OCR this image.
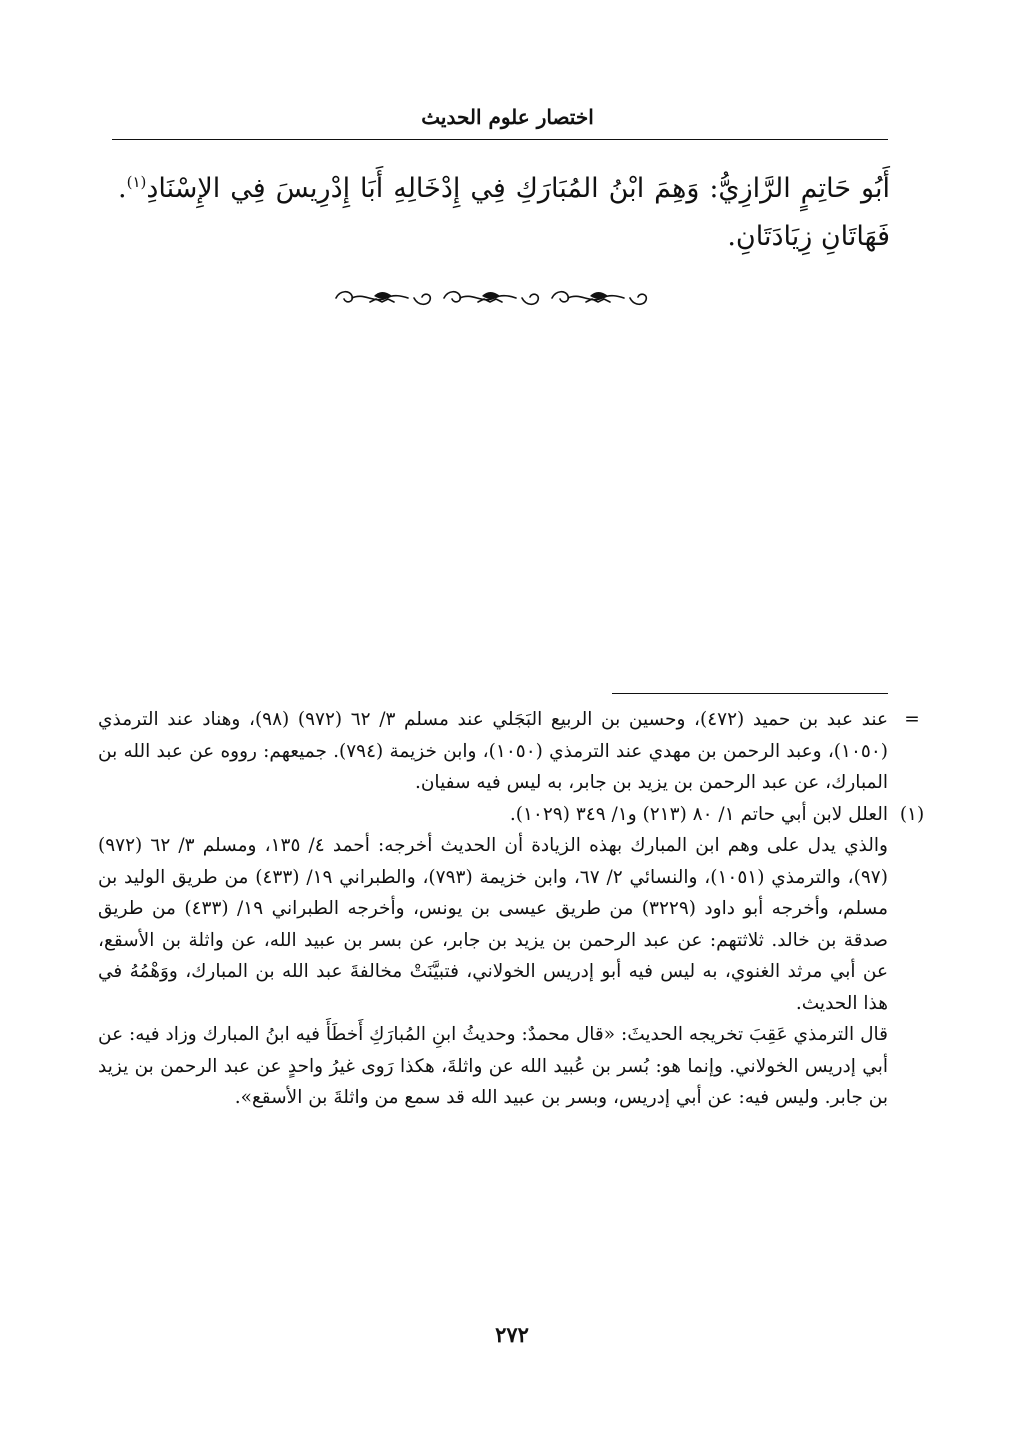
اختصار علوم الحديث
أَبُو حَاتِمٍ الرَّازِيُّ: وَهِمَ ابْنُ المُبَارَكِ فِي إِدْخَالِهِ أَبَا إِدْرِيسَ فِي الإِسْنَادِ$^{(١)}$. فَهَاتَانِ زِيَادَتَانِ.

=
عند عبد بن حميد (٤٧٢)، وحسين بن الربيع البَجَلي عند مسلم ٣/ ٦٢ (٩٧٢) (٩٨)، وهناد عند الترمذي (١٠٥٠)، وعبد الرحمن بن مهدي عند الترمذي (١٠٥٠)، وابن خزيمة (٧٩٤). جميعهم: رووه عن عبد الله بن المبارك، عن عبد الرحمن بن يزيد بن جابر، به ليس فيه سفيان.

(١)
العلل لابن أبي حاتم ١/ ٨٠ (٢١٣) و١/ ٣٤٩ (١٠٢٩).

والذي يدل على وهم ابن المبارك بهذه الزيادة أن الحديث أخرجه: أحمد ٤/ ١٣٥، ومسلم ٣/ ٦٢ (٩٧٢) (٩٧)، والترمذي (١٠٥١)، والنسائي ٢/ ٦٧، وابن خزيمة (٧٩٣)، والطبراني ١٩/ (٤٣٣) من طريق الوليد بن مسلم، وأخرجه أبو داود (٣٢٢٩) من طريق عيسى بن يونس، وأخرجه الطبراني ١٩/ (٤٣٣) من طريق صدقة بن خالد. ثلاثتهم: عن عبد الرحمن بن يزيد بن جابر، عن بسر بن عبيد الله، عن واثلة بن الأسقع، عن أبي مرثد الغنوي، به ليس فيه أبو إدريس الخولاني، فتبيَّنَتْ مخالفةَ عبد الله بن المبارك، ووَهْمُهُ في هذا الحديث.

قال الترمذي عَقِبَ تخريجه الحديثَ: «قال محمدٌ: وحديثُ ابنِ المُبارَكِ أَخطَأَ فيه ابنُ المبارك وزاد فيه: عن أبي إدريس الخولاني. وإنما هو: بُسر بن عُبيد الله عن واثلةَ، هكذا رَوى غيرُ واحدٍ عن عبد الرحمن بن يزيد بن جابر. وليس فيه: عن أبي إدريس، وبسر بن عبيد الله قد سمع من واثلةَ بن الأسقع».

٢٧٢
